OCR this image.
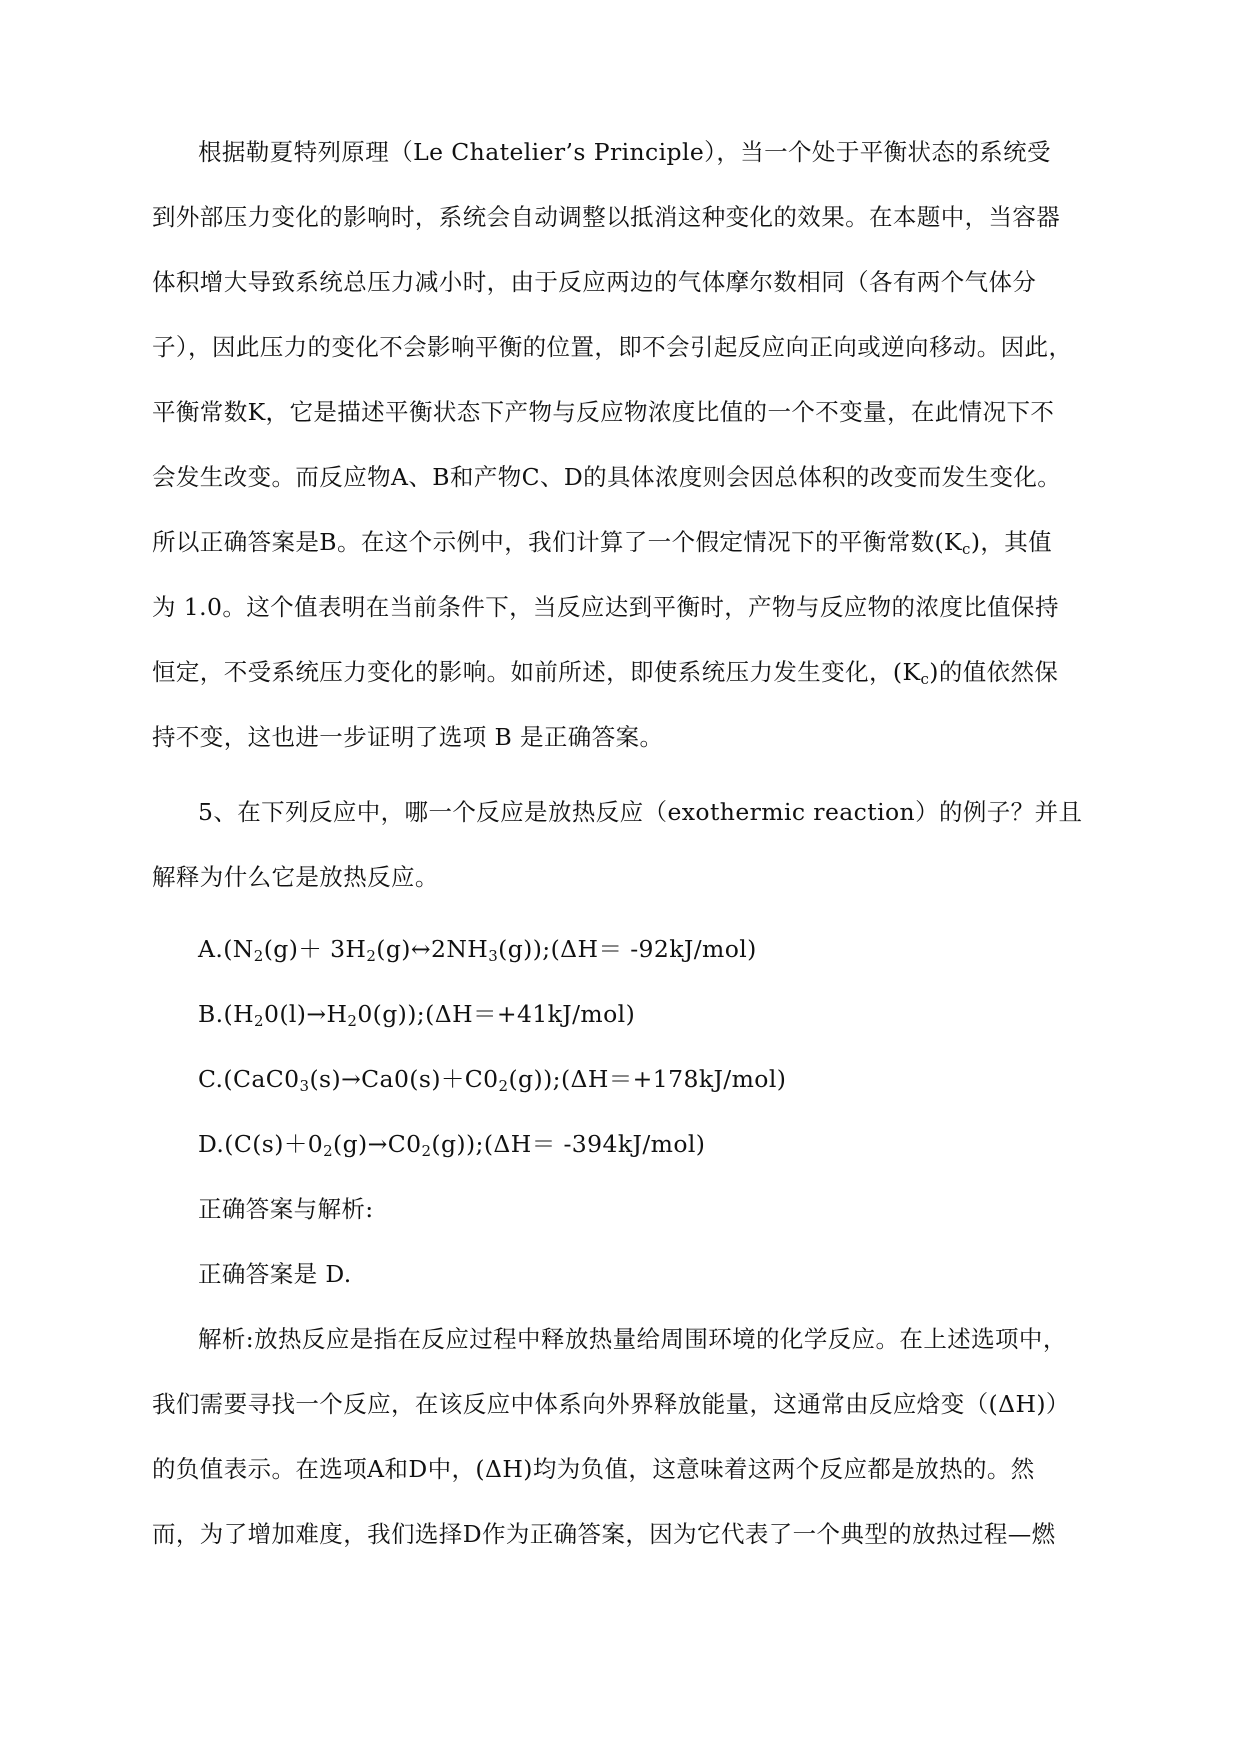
根据勒夏特列原理（Le Chatelier’s Principle），当一个处于平衡状态的系统受

到外部压力变化的影响时，系统会自动调整以抵消这种变化的效果。在本题中，当容器

体积增大导致系统总压力减小时，由于反应两边的气体摩尔数相同（各有两个气体分

子），因此压力的变化不会影响平衡的位置，即不会引起反应向正向或逆向移动。因此，

平衡常数K，它是描述平衡状态下产物与反应物浓度比值的一个不变量，在此情况下不

会发生改变。而反应物A、B和产物C、D的具体浓度则会因总体积的改变而发生变化。

所以正确答案是B。在这个示例中，我们计算了一个假定情况下的平衡常数$(K_c)$，其值

为 1.0。这个值表明在当前条件下，当反应达到平衡时，产物与反应物的浓度比值保持

恒定，不受系统压力变化的影响。如前所述，即使系统压力发生变化，$(K_c)$的值依然保

持不变，这也进一步证明了选项 B 是正确答案。

5、在下列反应中，哪一个反应是放热反应（exothermic reaction）的例子？并且

解释为什么它是放热反应。

$A.(N_2(g)+$ $3H_2(g)\leftrightarrow 2NH_3(g));(\Delta H= -92kJ/mol)$

$B.(H_20(l)\to H_20(g));(\Delta H=+41kJ/mol)$

$C.(CaC0_3(s)\to Ca0(s)+C0_2(g));(\Delta H=+178kJ/mol)$

$D.(C(s)+0_2(g)\to C0_2(g));(\Delta H= -394kJ/mol)$

正确答案与解析:

正确答案是 D.

解析:放热反应是指在反应过程中释放热量给周围环境的化学反应。在上述选项中，

我们需要寻找一个反应，在该反应中体系向外界释放能量，这通常由反应焓变（(ΔH)）

的负值表示。在选项A和D中，(ΔH)均为负值，这意味着这两个反应都是放热的。然

而，为了增加难度，我们选择D作为正确答案，因为它代表了一个典型的放热过程—燃
